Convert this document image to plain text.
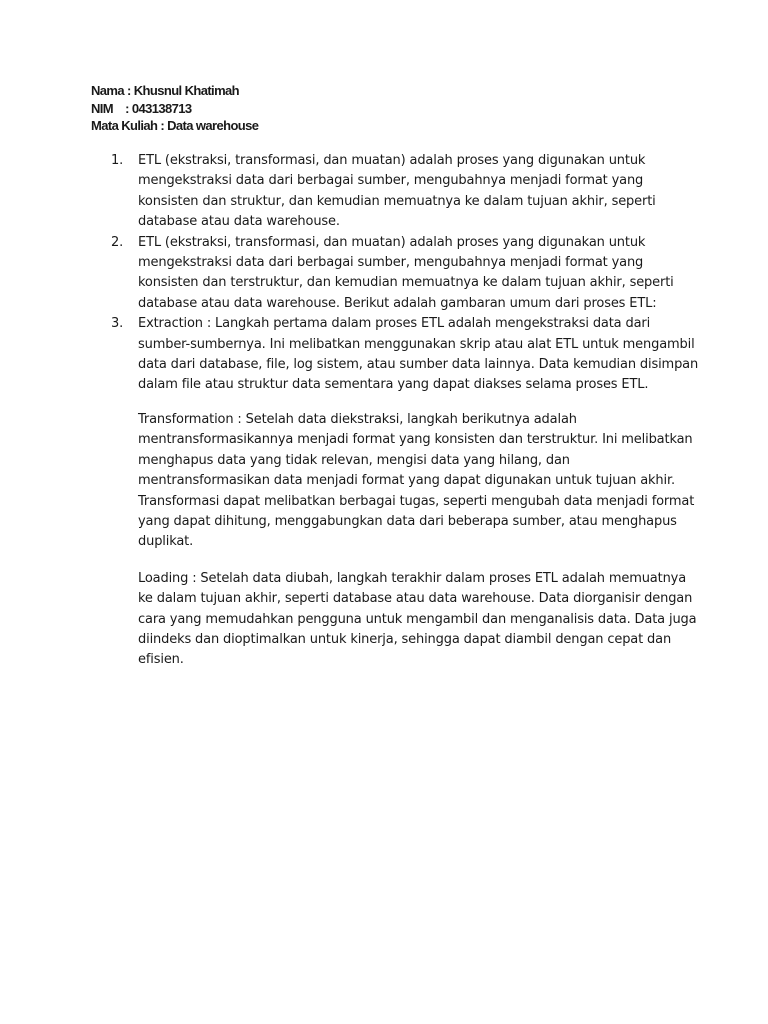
Nama : Khusnul Khatimah
NIM    : 043138713
Mata Kuliah : Data warehouse
1. ETL (ekstraksi, transformasi, dan muatan) adalah proses yang digunakan untuk mengekstraksi data dari berbagai sumber, mengubahnya menjadi format yang konsisten dan struktur, dan kemudian memuatnya ke dalam tujuan akhir, seperti database atau data warehouse.
2. ETL (ekstraksi, transformasi, dan muatan) adalah proses yang digunakan untuk mengekstraksi data dari berbagai sumber, mengubahnya menjadi format yang konsisten dan terstruktur, dan kemudian memuatnya ke dalam tujuan akhir, seperti database atau data warehouse. Berikut adalah gambaran umum dari proses ETL:
3. Extraction : Langkah pertama dalam proses ETL adalah mengekstraksi data dari sumber-sumbernya. Ini melibatkan menggunakan skrip atau alat ETL untuk mengambil data dari database, file, log sistem, atau sumber data lainnya. Data kemudian disimpan dalam file atau struktur data sementara yang dapat diakses selama proses ETL.
Transformation : Setelah data diekstraksi, langkah berikutnya adalah mentransformasikannya menjadi format yang konsisten dan terstruktur. Ini melibatkan menghapus data yang tidak relevan, mengisi data yang hilang, dan mentransformasikan data menjadi format yang dapat digunakan untuk tujuan akhir. Transformasi dapat melibatkan berbagai tugas, seperti mengubah data menjadi format yang dapat dihitung, menggabungkan data dari beberapa sumber, atau menghapus duplikat.
Loading : Setelah data diubah, langkah terakhir dalam proses ETL adalah memuatnya ke dalam tujuan akhir, seperti database atau data warehouse. Data diorganisir dengan cara yang memudahkan pengguna untuk mengambil dan menganalisis data. Data juga diindeks dan dioptimalkan untuk kinerja, sehingga dapat diambil dengan cepat dan efisien.
